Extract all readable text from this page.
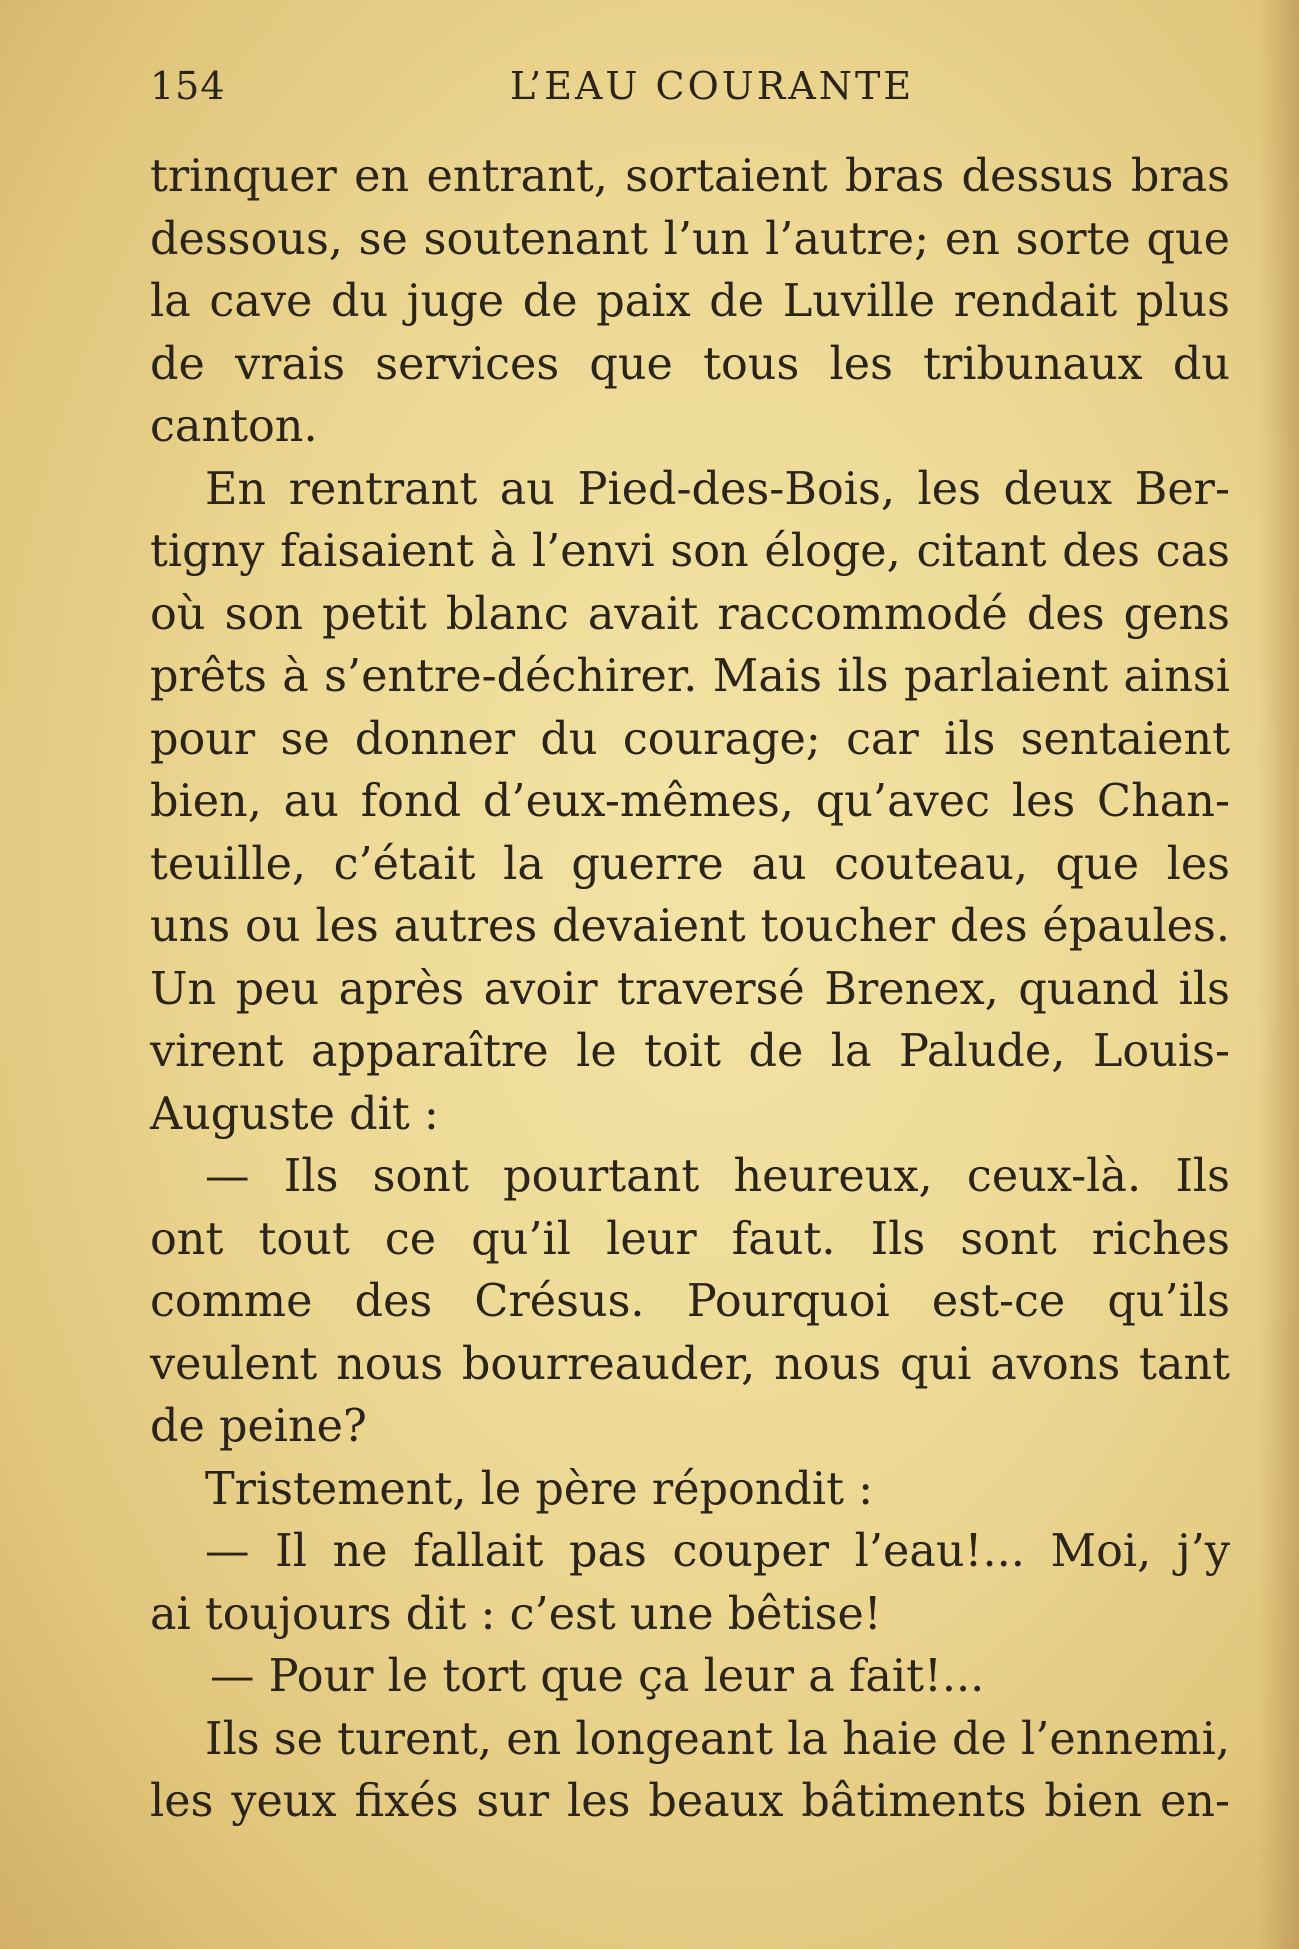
154	L’EAU COURANTE
trinquer en entrant, sortaient bras dessus bras
dessous, se soutenant l’un l’autre; en sorte que
la cave du juge de paix de Luville rendait plus
de vrais services que tous les tribunaux du
canton.
En rentrant au Pied-des-Bois, les deux Ber-
tigny faisaient à l’envi son éloge, citant des cas
où son petit blanc avait raccommodé des gens
prêts à s’entre-déchirer. Mais ils parlaient ainsi
pour se donner du courage; car ils sentaient
bien, au fond d’eux-mêmes, qu’avec les Chan-
teuille, c’était la guerre au couteau, que les
uns ou les autres devaient toucher des épaules.
Un peu après avoir traversé Brenex, quand ils
virent apparaître le toit de la Palude, Louis-
Auguste dit :
— Ils sont pourtant heureux, ceux-là. Ils
ont tout ce qu’il leur faut. Ils sont riches
comme des Crésus. Pourquoi est-ce qu’ils
veulent nous bourreauder, nous qui avons tant
de peine?
Tristement, le père répondit :
— Il ne fallait pas couper l’eau!... Moi, j’y
ai toujours dit : c’est une bêtise!
— Pour le tort que ça leur a fait!...
Ils se turent, en longeant la haie de l’ennemi,
les yeux fixés sur les beaux bâtiments bien en-
